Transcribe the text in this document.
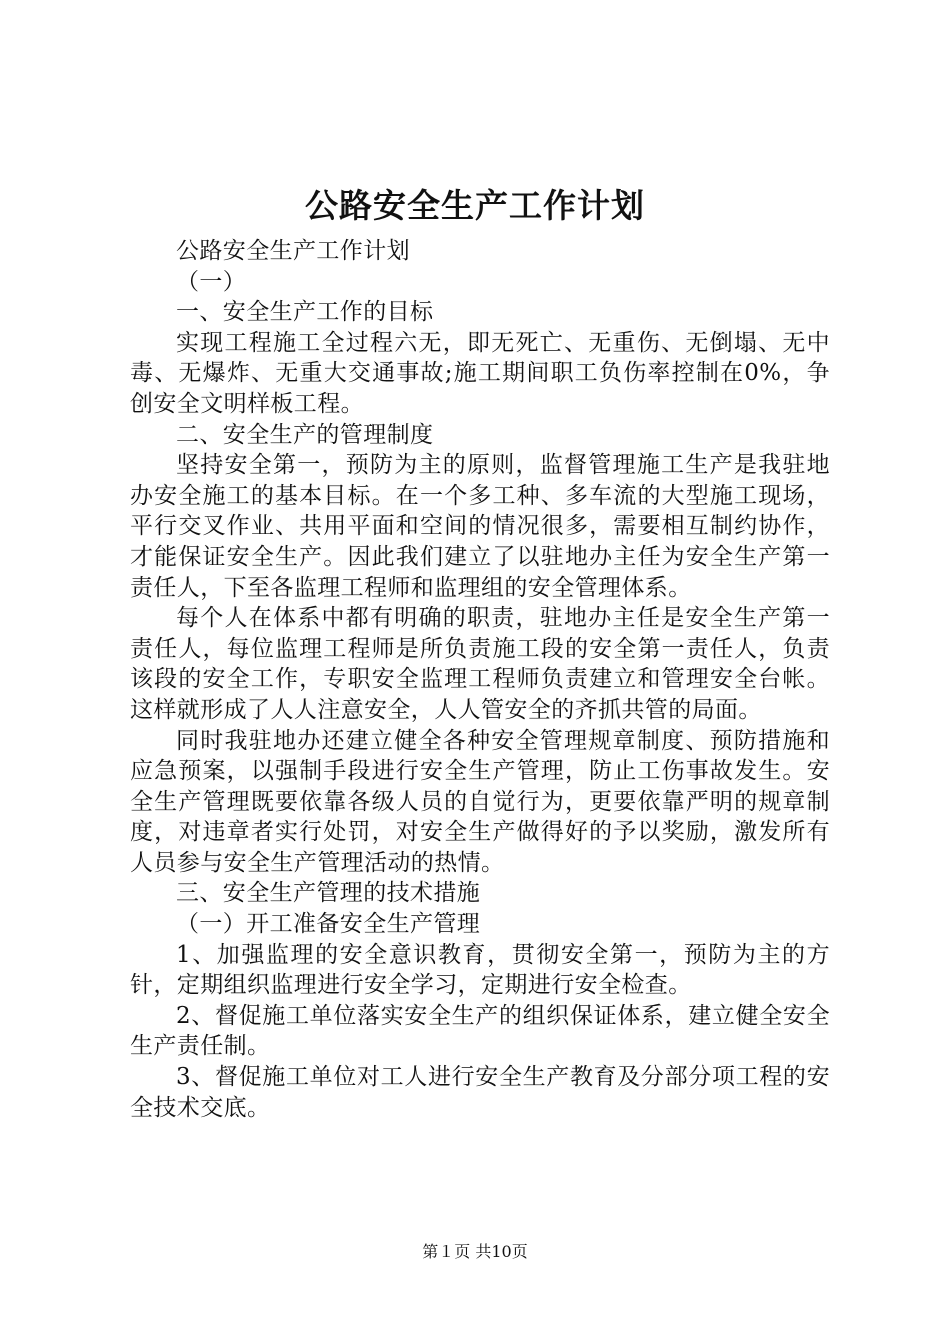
公路安全生产工作计划

公路安全生产工作计划

（一）

一、安全生产工作的目标

实现工程施工全过程六无，即无死亡、无重伤、无倒塌、无中毒、无爆炸、无重大交通事故;施工期间职工负伤率控制在0%，争创安全文明样板工程。

二、安全生产的管理制度

坚持安全第一，预防为主的原则，监督管理施工生产是我驻地办安全施工的基本目标。在一个多工种、多车流的大型施工现场，平行交叉作业、共用平面和空间的情况很多，需要相互制约协作，才能保证安全生产。因此我们建立了以驻地办主任为安全生产第一责任人，下至各监理工程师和监理组的安全管理体系。

每个人在体系中都有明确的职责，驻地办主任是安全生产第一责任人，每位监理工程师是所负责施工段的安全第一责任人，负责该段的安全工作，专职安全监理工程师负责建立和管理安全台帐。这样就形成了人人注意安全，人人管安全的齐抓共管的局面。

同时我驻地办还建立健全各种安全管理规章制度、预防措施和应急预案，以强制手段进行安全生产管理，防止工伤事故发生。安全生产管理既要依靠各级人员的自觉行为，更要依靠严明的规章制度，对违章者实行处罚，对安全生产做得好的予以奖励，激发所有人员参与安全生产管理活动的热情。

三、安全生产管理的技术措施

（一）开工准备安全生产管理

1、加强监理的安全意识教育，贯彻安全第一，预防为主的方针，定期组织监理进行安全学习，定期进行安全检查。

2、督促施工单位落实安全生产的组织保证体系，建立健全安全生产责任制。

3、督促施工单位对工人进行安全生产教育及分部分项工程的安全技术交底。

第１页 共10页
